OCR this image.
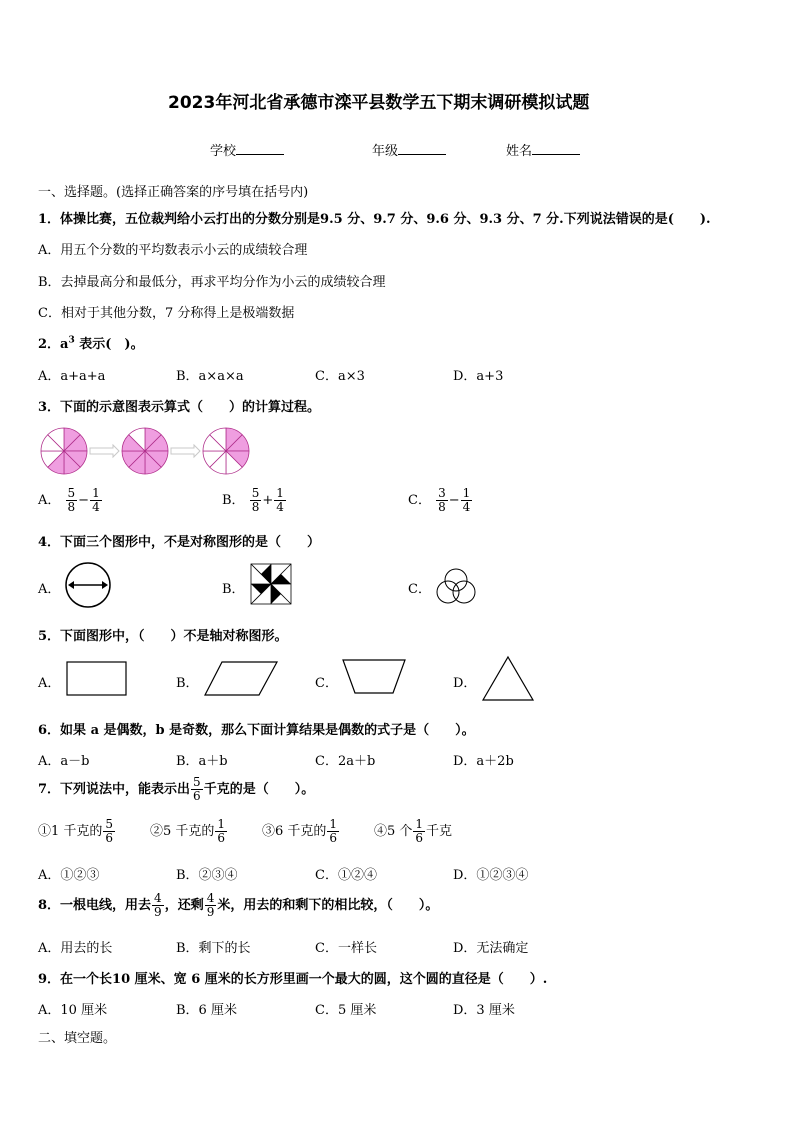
2023年河北省承德市滦平县数学五下期末调研模拟试题
学校	年级	姓名
一、选择题。(选择正确答案的序号填在括号内)
1．体操比赛，五位裁判给小云打出的分数分别是9.5 分、9.7 分、9.6 分、9.3 分、7 分.下列说法错误的是(　　).
A．用五个分数的平均数表示小云的成绩较合理
B．去掉最高分和最低分，再求平均分作为小云的成绩较合理
C．相对于其他分数，7 分称得上是极端数据
2．$a^3$ 表示(　)。
A．a+a+a	B．a×a×a	C．a×3	D．a+3
3．下面的示意图表示算式（　　）的计算过程。
A． $\frac{5}{8} - \frac{1}{4}$	B． $\frac{5}{8} + \frac{1}{4}$	C． $\frac{3}{8} - \frac{1}{4}$
4．下面三个图形中，不是对称图形的是（　　）
A．	B．	C．
5．下面图形中，（　　）不是轴对称图形。
A．	B．	C．	D．
6．如果 a 是偶数，b 是奇数，那么下面计算结果是偶数的式子是（　　）。
A．a－b	B．a＋b	C．2a＋b	D．a＋2b
7．下列说法中，能表示出 $\frac{5}{6}$ 千克的是（　　）。
①1 千克的 $\frac{5}{6}$	②5 千克的 $\frac{1}{6}$	③6 千克的 $\frac{1}{6}$	④5 个 $\frac{1}{6}$ 千克
A．①②③	B．②③④	C．①②④	D．①②③④
8．一根电线，用去 $\frac{4}{9}$ ，还剩 $\frac{4}{9}$ 米，用去的和剩下的相比较，（　　）。
A．用去的长	B．剩下的长	C．一样长	D．无法确定
9．在一个长10 厘米、宽 6 厘米的长方形里画一个最大的圆，这个圆的直径是（　　）.
A．10 厘米	B．6 厘米	C．5 厘米	D．3 厘米
二、填空题。
